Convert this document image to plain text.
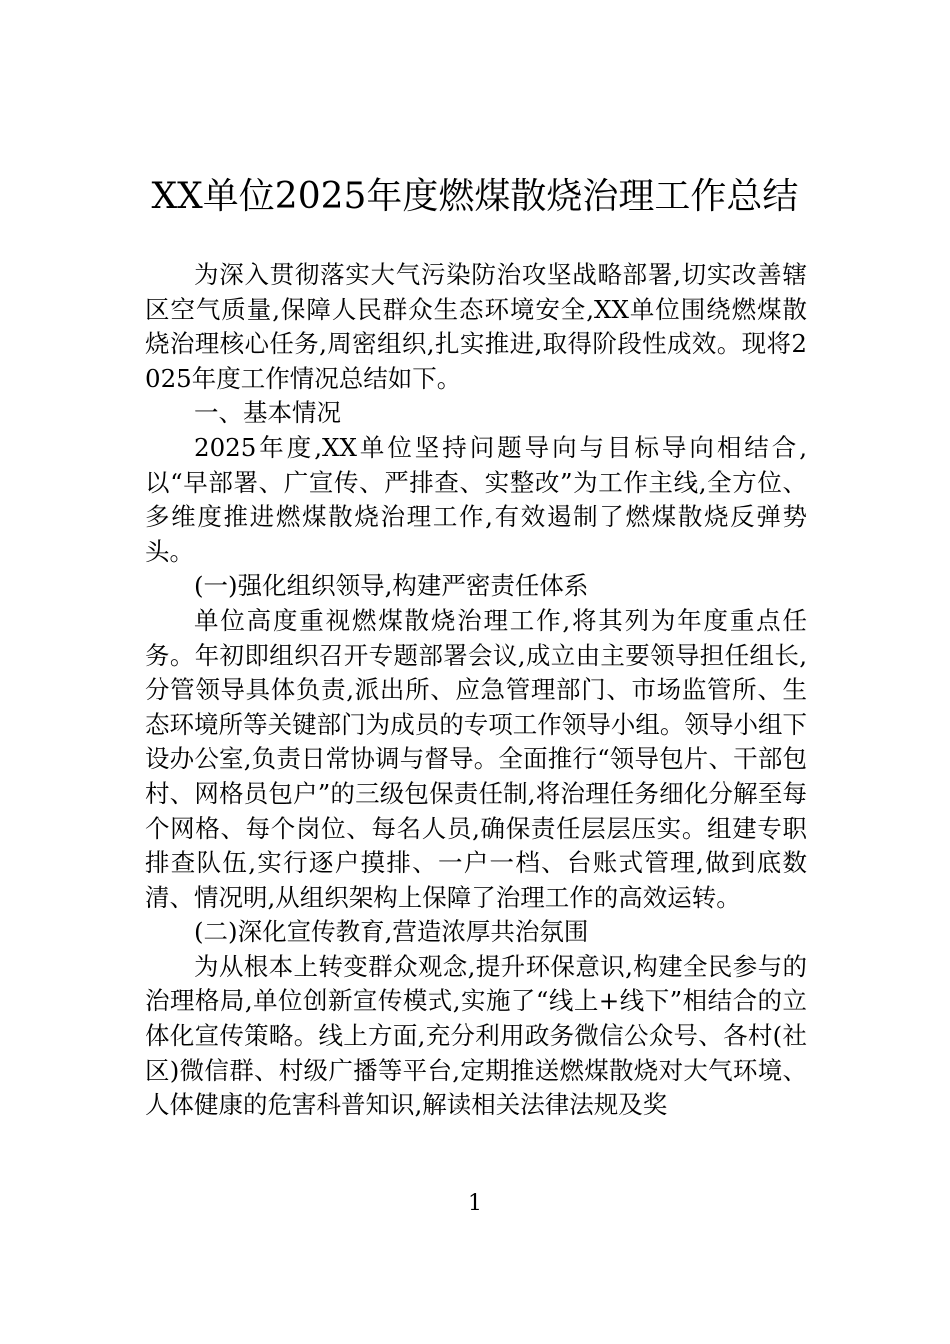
XX单位2025年度燃煤散烧治理工作总结

为深入贯彻落实大气污染防治攻坚战略部署,切实改善辖区空气质量,保障人民群众生态环境安全,XX单位围绕燃煤散烧治理核心任务,周密组织,扎实推进,取得阶段性成效。现将2025年度工作情况总结如下。

一、基本情况

2025年度,XX单位坚持问题导向与目标导向相结合,以“早部署、广宣传、严排查、实整改”为工作主线,全方位、多维度推进燃煤散烧治理工作,有效遏制了燃煤散烧反弹势头。

(一)强化组织领导,构建严密责任体系

单位高度重视燃煤散烧治理工作,将其列为年度重点任务。年初即组织召开专题部署会议,成立由主要领导担任组长,分管领导具体负责,派出所、应急管理部门、市场监管所、生态环境所等关键部门为成员的专项工作领导小组。领导小组下设办公室,负责日常协调与督导。全面推行“领导包片、干部包村、网格员包户”的三级包保责任制,将治理任务细化分解至每个网格、每个岗位、每名人员,确保责任层层压实。组建专职排查队伍,实行逐户摸排、一户一档、台账式管理,做到底数清、情况明,从组织架构上保障了治理工作的高效运转。

(二)深化宣传教育,营造浓厚共治氛围

为从根本上转变群众观念,提升环保意识,构建全民参与的治理格局,单位创新宣传模式,实施了“线上+线下”相结合的立体化宣传策略。线上方面,充分利用政务微信公众号、各村(社区)微信群、村级广播等平台,定期推送燃煤散烧对大气环境、人体健康的危害科普知识,解读相关法律法规及奖

1
